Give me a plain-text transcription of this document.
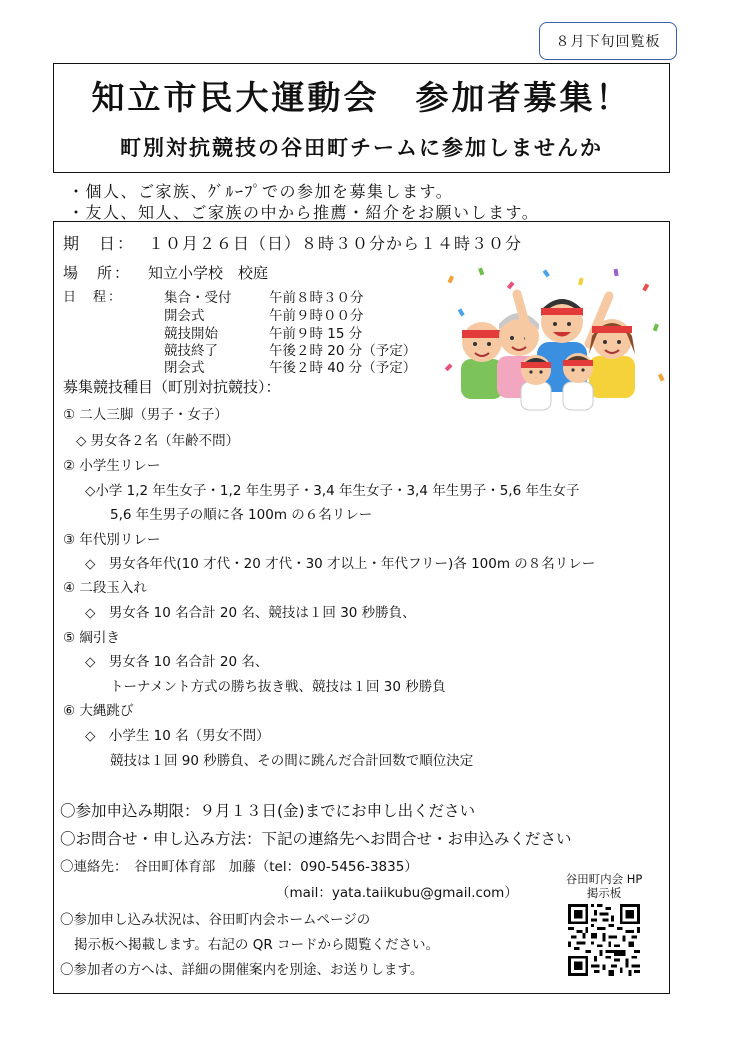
８月下旬回覧板
知立市民大運動会　参加者募集！
町別対抗競技の谷田町チームに参加しませんか
・個人、ご家族、ｸﾞﾙｰﾌﾟでの参加を募集します。
・友人、知人、ご家族の中から推薦・紹介をお願いします。
期　日： １０月２６日（日）８時３０分から１４時３０分
場　所： 知立小学校　校庭
日　程：	集合・受付	午前８時３０分
開会式	午前９時００分
競技開始	午前９時 15 分
競技終了	午後２時 20 分（予定）
閉会式	午後２時 40 分（予定）
募集競技種目（町別対抗競技）：
① 二人三脚（男子・女子）
◇ 男女各２名（年齢不問）
② 小学生リレー
◇小学 1,2 年生女子・1,2 年生男子・3,4 年生女子・3,4 年生男子・5,6 年生女子
5,6 年生男子の順に各 100m の６名リレー
③ 年代別リレー
◇　男女各年代(10 才代・20 才代・30 才以上・年代フリー)各 100m の８名リレー
④ 二段玉入れ
◇　男女各 10 名合計 20 名、競技は１回 30 秒勝負、
⑤ 綱引き
◇　男女各 10 名合計 20 名、
トーナメント方式の勝ち抜き戦、競技は１回 30 秒勝負
⑥ 大縄跳び
◇　小学生 10 名（男女不問）
競技は１回 90 秒勝負、その間に跳んだ合計回数で順位決定
〇参加申込み期限：９月１３日(金)までにお申し出ください
〇お問合せ・申し込み方法：下記の連絡先へお問合せ・お申込みください
〇連絡先：　谷田町体育部　加藤（tel：090-5456-3835）
（mail：yata.taiikubu@gmail.com）
谷田町内会 HP
掲示板
〇参加申し込み状況は、谷田町内会ホームページの
掲示板へ掲載します。右記の QR コードから閲覧ください。
〇参加者の方へは、詳細の開催案内を別途、お送りします。
